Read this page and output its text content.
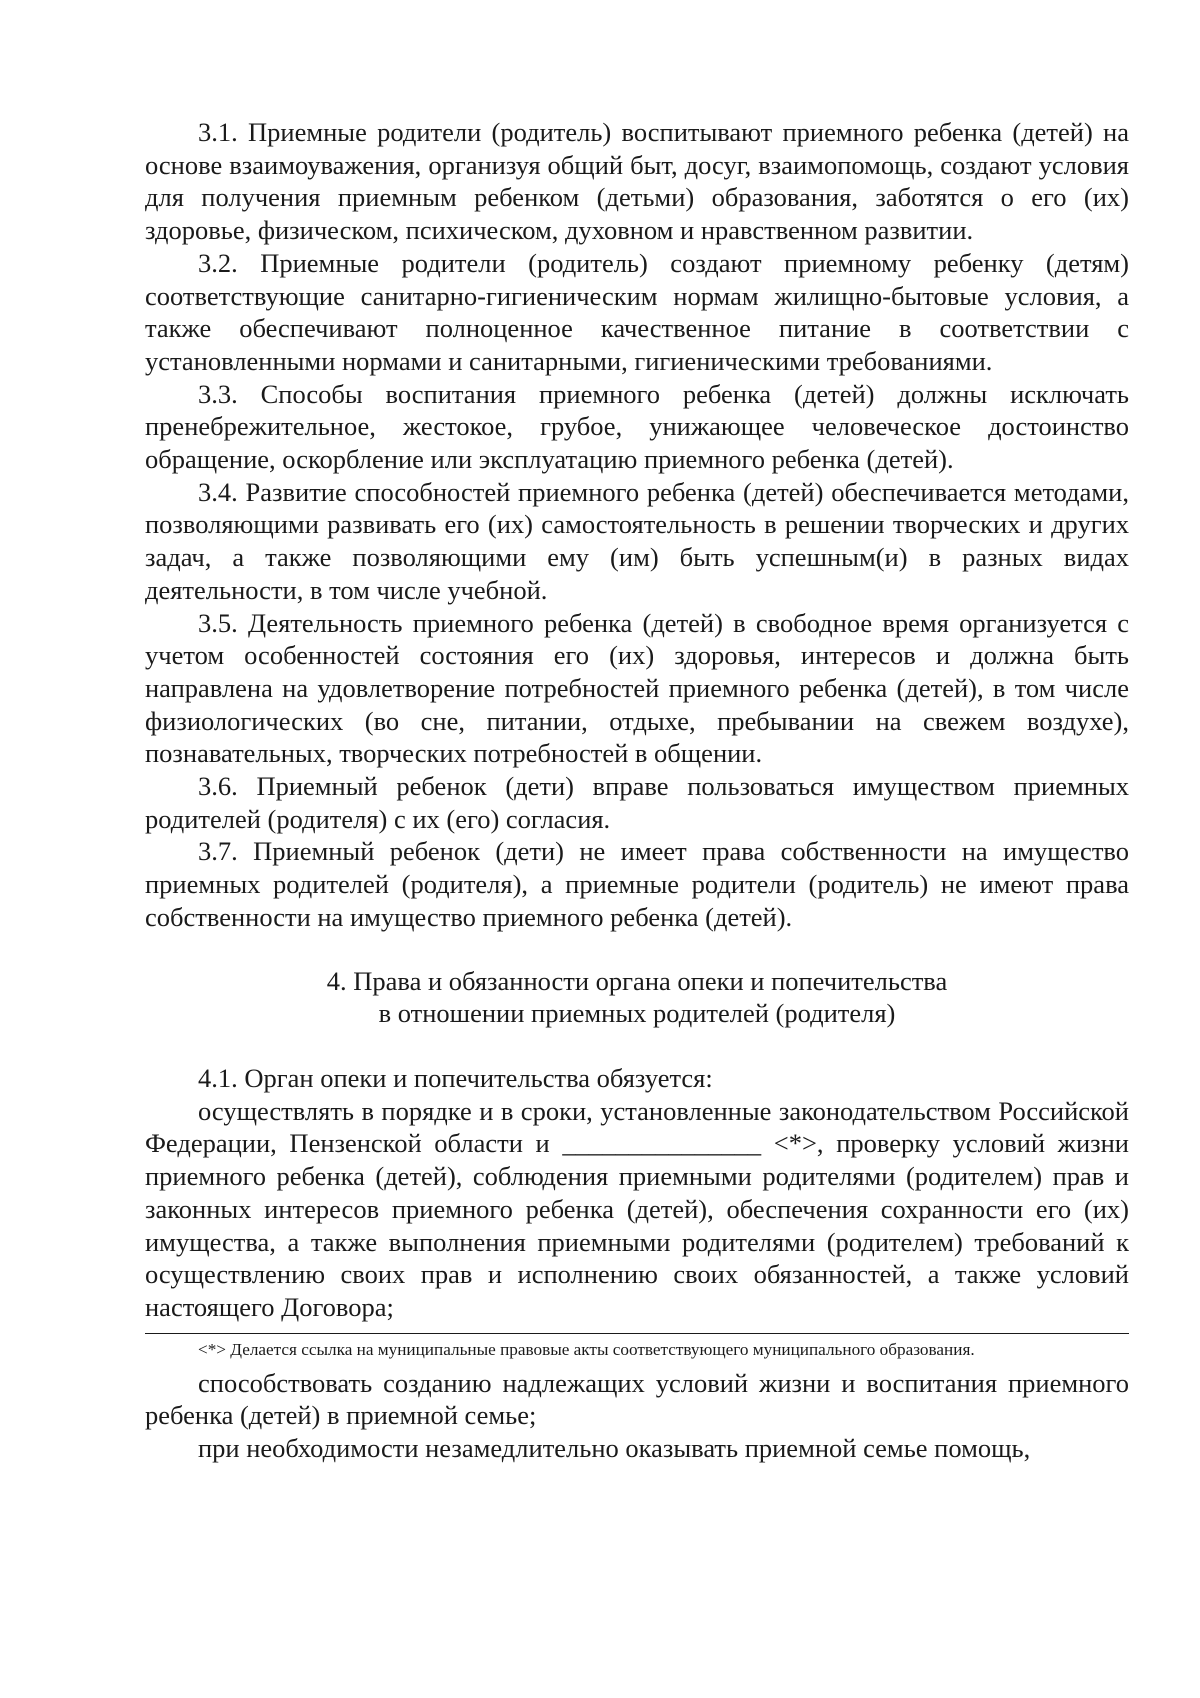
3.1. Приемные родители (родитель) воспитывают приемного ребенка (детей) на основе взаимоуважения, организуя общий быт, досуг, взаимопомощь, создают условия для получения приемным ребенком (детьми) образования, заботятся о его (их) здоровье, физическом, психическом, духовном и нравственном развитии.

3.2. Приемные родители (родитель) создают приемному ребенку (детям) соответствующие санитарно-гигиеническим нормам жилищно-бытовые условия, а также обеспечивают полноценное качественное питание в соответствии с установленными нормами и санитарными, гигиеническими требованиями.

3.3. Способы воспитания приемного ребенка (детей) должны исключать пренебрежительное, жестокое, грубое, унижающее человеческое достоинство обращение, оскорбление или эксплуатацию приемного ребенка (детей).

3.4. Развитие способностей приемного ребенка (детей) обеспечивается методами, позволяющими развивать его (их) самостоятельность в решении творческих и других задач, а также позволяющими ему (им) быть успешным(и) в разных видах деятельности, в том числе учебной.

3.5. Деятельность приемного ребенка (детей) в свободное время организуется с учетом особенностей состояния его (их) здоровья, интересов и должна быть направлена на удовлетворение потребностей приемного ребенка (детей), в том числе физиологических (во сне, питании, отдыхе, пребывании на свежем воздухе), познавательных, творческих потребностей в общении.

3.6. Приемный ребенок (дети) вправе пользоваться имуществом приемных родителей (родителя) с их (его) согласия.

3.7. Приемный ребенок (дети) не имеет права собственности на имущество приемных родителей (родителя), а приемные родители (родитель) не имеют права собственности на имущество приемного ребенка (детей).

4. Права и обязанности органа опеки и попечительства

в отношении приемных родителей (родителя)

4.1. Орган опеки и попечительства обязуется:

осуществлять в порядке и в сроки, установленные законодательством Российской Федерации, Пензенской области и _______________ <*>, проверку условий жизни приемного ребенка (детей), соблюдения приемными родителями (родителем) прав и законных интересов приемного ребенка (детей), обеспечения сохранности его (их) имущества, а также выполнения приемными родителями (родителем) требований к осуществлению своих прав и исполнению своих обязанностей, а также условий настоящего Договора;

<*> Делается ссылка на муниципальные правовые акты соответствующего муниципального образования.

способствовать созданию надлежащих условий жизни и воспитания приемного ребенка (детей) в приемной семье;

при необходимости незамедлительно оказывать приемной семье помощь,
